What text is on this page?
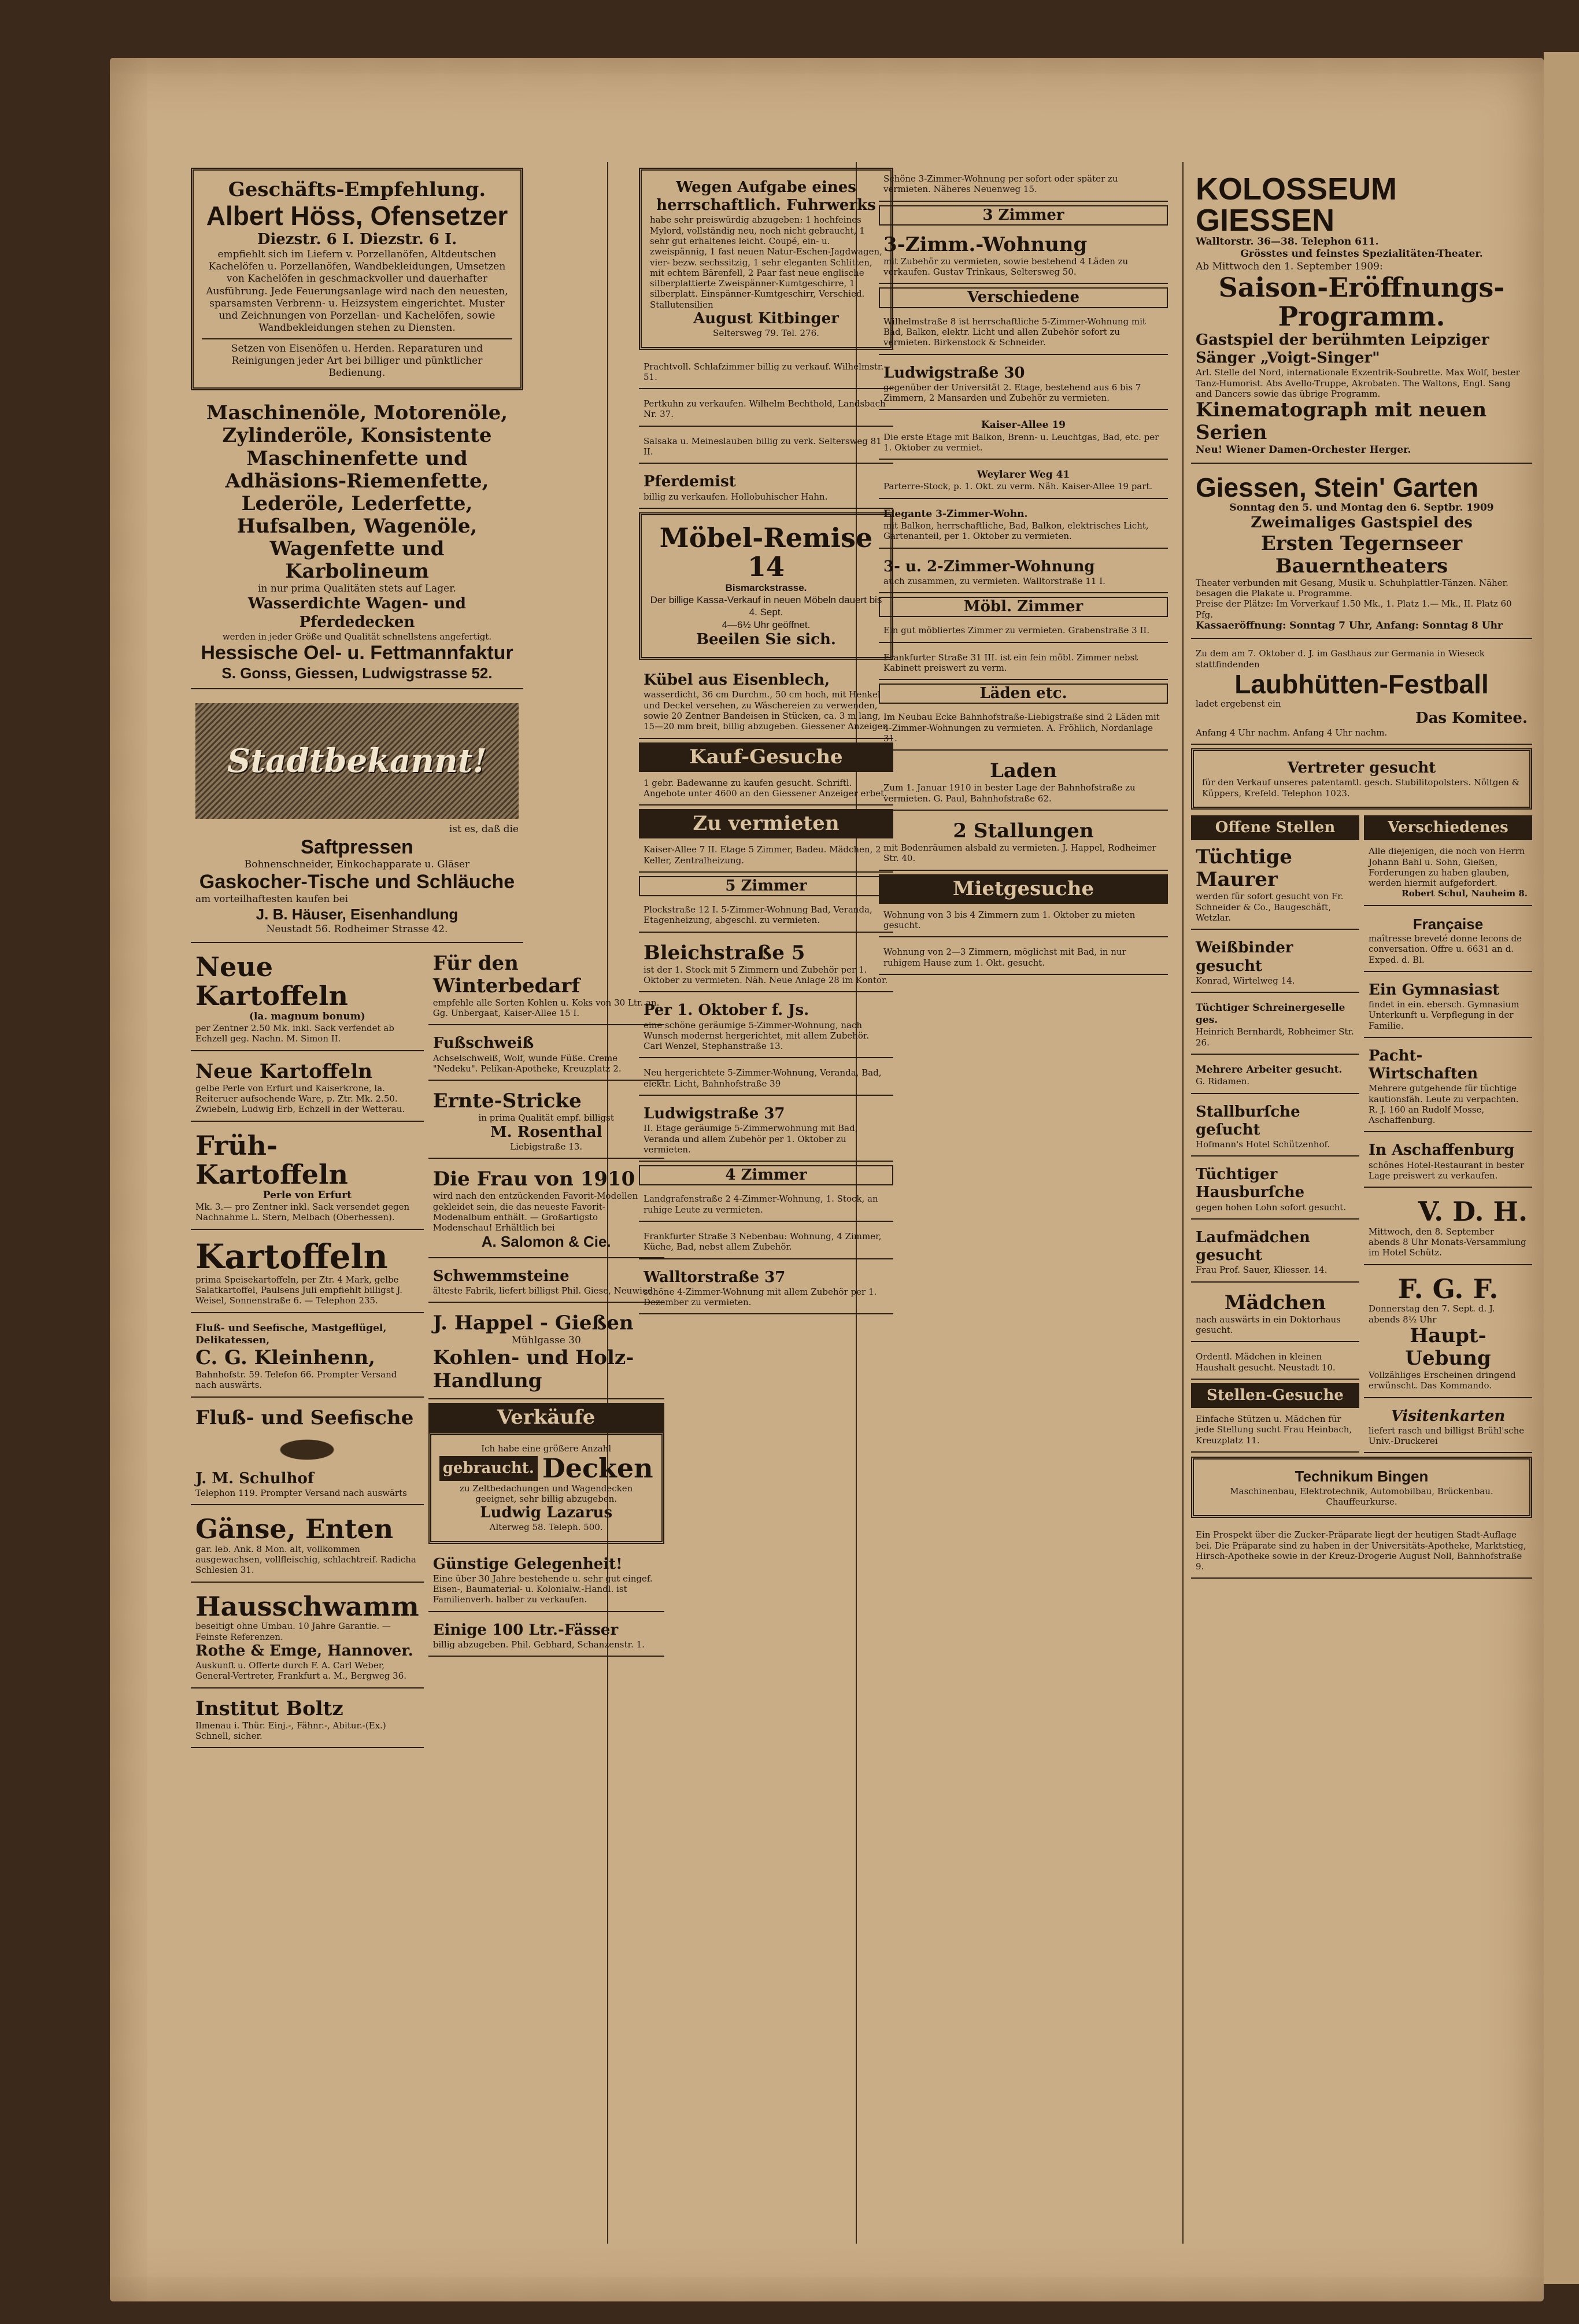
Geschäfts-Empfehlung.
Albert Höss, Ofensetzer
Diezstr. 6 I. Diezstr. 6 I.
empfiehlt sich im Liefern v. Porzellanöfen, Altdeutschen Kachelöfen u. Porzellanöfen, Wandbekleidungen, Umsetzen von Kachelöfen in geschmackvoller und dauerhafter Ausführung. Jede Feuerungsanlage wird nach den neuesten, sparsamsten Verbrenn- u. Heizsystem eingerichtet. Muster und Zeichnungen von Porzellan- und Kachelöfen, sowie Wandbekleidungen stehen zu Diensten.
Setzen von Eisenöfen u. Herden. Reparaturen und Reinigungen jeder Art bei billiger und pünktlicher Bedienung.
Maschinenöle, Motorenöle, Zylinderöle, Konsistente Maschinenfette und Adhäsions-Riemenfette, Lederöle, Lederfette, Hufsalben, Wagenöle, Wagenfette und Karbolineum
in nur prima Qualitäten stets auf Lager.
Wasserdichte Wagen- und Pferdedecken
werden in jeder Größe und Qualität schnellstens angefertigt.
Hessische Oel- u. Fettmannfaktur
S. Gonss, Giessen, Ludwigstrasse 52.
Stadtbekannt!
ist es, daß die
Saftpressen
Bohnenschneider, Einkochapparate u. Gläser
Gaskocher-Tische und Schläuche
am vorteilhaftesten kaufen bei
J. B. Häuser, Eisenhandlung
Neustadt 56. Rodheimer Strasse 42.
Neue Kartoffeln
(la. magnum bonum)
per Zentner 2.50 Mk. inkl. Sack verfendet ab Echzell geg. Nachn. M. Simon II.
Neue Kartoffeln
gelbe Perle von Erfurt und Kaiserkrone, la. Reiteruer aufsochende Ware, p. Ztr. Mk. 2.50. Zwiebeln, Ludwig Erb, Echzell in der Wetterau.
Früh-Kartoffeln
Perle von Erfurt
Mk. 3.— pro Zentner inkl. Sack versendet gegen Nachnahme L. Stern, Melbach (Oberhessen).
Kartoffeln
prima Speisekartoffeln, per Ztr. 4 Mark, gelbe Salatkartoffel, Paulsens Juli empfiehlt billigst J. Weisel, Sonnenstraße 6. — Telephon 235.
Fluß- und Seefische, Mastgeflügel, Delikatessen,
C. G. Kleinhenn,
Bahnhofstr. 59. Telefon 66. Prompter Versand nach auswärts.
Fluß- und Seefische
J. M. Schulhof
Telephon 119. Prompter Versand nach auswärts
Gänse, Enten
gar. leb. Ank. 8 Mon. alt, vollkommen ausgewachsen, vollfleischig, schlachtreif. Radicha Schlesien 31.
Hausschwamm
beseitigt ohne Umbau. 10 Jahre Garantie. — Feinste Referenzen.
Rothe & Emge, Hannover.
Auskunft u. Offerte durch F. A. Carl Weber, General-Vertreter, Frankfurt a. M., Bergweg 36.
Institut Boltz
Ilmenau i. Thür. Einj.-, Fähnr.-, Abitur.-(Ex.) Schnell, sicher.
Für den Winterbedarf
empfehle alle Sorten Kohlen u. Koks von 30 Ltr. an. Gg. Unbergaat, Kaiser-Allee 15 I.
Fußschweiß
Achselschweiß, Wolf, wunde Füße. Creme "Nedeku". Pelikan-Apotheke, Kreuzplatz 2.
Ernte-Stricke
in prima Qualität empf. billigst
M. Rosenthal
Liebigstraße 13.
Die Frau von 1910
wird nach den entzückenden Favorit-Modellen gekleidet sein, die das neueste Favorit-Modenalbum enthält. — Großartigsto Modenschau! Erhältlich bei
A. Salomon & Cie.
Schwemmsteine
älteste Fabrik, liefert billigst Phil. Giese, Neuwied.
J. Happel - Gießen
Mühlgasse 30
Kohlen- und Holz-Handlung
Verkäufe
Ich habe eine größere Anzahl
gebraucht. Decken
zu Zeltbedachungen und Wagendecken geeignet, sehr billig abzugeben.
Ludwig Lazarus
Alterweg 58. Teleph. 500.
Günstige Gelegenheit!
Eine über 30 Jahre bestehende u. sehr gut eingef. Eisen-, Baumaterial- u. Kolonialw.-Handl. ist Familienverh. halber zu verkaufen.
Einige 100 Ltr.-Fässer
billig abzugeben. Phil. Gebhard, Schanzenstr. 1.
Wegen Aufgabe eines herrschaftlich. Fuhrwerks
habe sehr preiswürdig abzugeben: 1 hochfeines Mylord, vollständig neu, noch nicht gebraucht, 1 sehr gut erhaltenes leicht. Coupé, ein- u. zweispännig, 1 fast neuen Natur-Eschen-Jagdwagen, vier- bezw. sechssitzig, 1 sehr eleganten Schlitten, mit echtem Bärenfell, 2 Paar fast neue englische silberplattierte Zweispänner-Kumtgeschirre, 1 silberplatt. Einspänner-Kumtgeschirr, Verschied. Stallutensilien
August Kitbinger
Seltersweg 79. Tel. 276.
Prachtvoll. Schlafzimmer billig zu verkauf. Wilhelmstr. 51.
Pertkuhn zu verkaufen. Wilhelm Bechthold, Landsbach Nr. 37.
Salsaka u. Meineslauben billig zu verk. Seltersweg 81 II.
Pferdemist
billig zu verkaufen. Hollobuhischer Hahn.
Möbel-Remise 14
Bismarckstrasse.
Der billige Kassa-Verkauf in neuen Möbeln dauert bis 4. Sept.
4—6½ Uhr geöffnet.
Beeilen Sie sich.
Kübel aus Eisenblech,
wasserdicht, 36 cm Durchm., 50 cm hoch, mit Henkel und Deckel versehen, zu Wäschereien zu verwenden, sowie 20 Zentner Bandeisen in Stücken, ca. 3 m lang, 15—20 mm breit, billig abzugeben. Giessener Anzeiger.
Kauf-Gesuche
1 gebr. Badewanne zu kaufen gesucht. Schriftl. Angebote unter 4600 an den Giessener Anzeiger erbet.
Zu vermieten
Kaiser-Allee 7 II. Etage 5 Zimmer, Badeu. Mädchen, 2 Keller, Zentralheizung.
5 Zimmer
Plockstraße 12 I. 5-Zimmer-Wohnung Bad, Veranda, Etagenheizung, abgeschl. zu vermieten.
Bleichstraße 5
ist der 1. Stock mit 5 Zimmern und Zubehör per 1. Oktober zu vermieten. Näh. Neue Anlage 28 im Kontor.
Per 1. Oktober f. Js.
eine schöne geräumige 5-Zimmer-Wohnung, nach Wunsch modernst hergerichtet, mit allem Zubehör. Carl Wenzel, Stephanstraße 13.
Neu hergerichtete 5-Zimmer-Wohnung, Veranda, Bad, elektr. Licht, Bahnhofstraße 39
Ludwigstraße 37
II. Etage geräumige 5-Zimmerwohnung mit Bad, Veranda und allem Zubehör per 1. Oktober zu vermieten.
4 Zimmer
Landgrafenstraße 2 4-Zimmer-Wohnung, 1. Stock, an ruhige Leute zu vermieten.
Frankfurter Straße 3 Nebenbau: Wohnung, 4 Zimmer, Küche, Bad, nebst allem Zubehör.
Walltorstraße 37
schöne 4-Zimmer-Wohnung mit allem Zubehör per 1. Dezember zu vermieten.
Schöne 3-Zimmer-Wohnung per sofort oder später zu vermieten. Näheres Neuenweg 15.
3 Zimmer
3-Zimm.-Wohnung
mit Zubehör zu vermieten, sowie bestehend 4 Läden zu verkaufen. Gustav Trinkaus, Seltersweg 50.
Verschiedene
Wilhelmstraße 8 ist herrschaftliche 5-Zimmer-Wohnung mit Bad, Balkon, elektr. Licht und allen Zubehör sofort zu vermieten. Birkenstock & Schneider.
Ludwigstraße 30
gegenüber der Universität 2. Etage, bestehend aus 6 bis 7 Zimmern, 2 Mansarden und Zubehör zu vermieten.
Kaiser-Allee 19
Die erste Etage mit Balkon, Brenn- u. Leuchtgas, Bad, etc. per 1. Oktober zu vermiet.
Weylarer Weg 41
Parterre-Stock, p. 1. Okt. zu verm. Näh. Kaiser-Allee 19 part.
Elegante 3-Zimmer-Wohn.
mit Balkon, herrschaftliche, Bad, Balkon, elektrisches Licht, Gartenanteil, per 1. Oktober zu vermieten.
3- u. 2-Zimmer-Wohnung
auch zusammen, zu vermieten. Walltorstraße 11 I.
Möbl. Zimmer
Ein gut möbliertes Zimmer zu vermieten. Grabenstraße 3 II.
Frankfurter Straße 31 III. ist ein fein möbl. Zimmer nebst Kabinett preiswert zu verm.
Läden etc.
Im Neubau Ecke Bahnhofstraße-Liebigstraße sind 2 Läden mit 4-Zimmer-Wohnungen zu vermieten. A. Fröhlich, Nordanlage 31.
Laden
Zum 1. Januar 1910 in bester Lage der Bahnhofstraße zu vermieten. G. Paul, Bahnhofstraße 62.
2 Stallungen
mit Bodenräumen alsbald zu vermieten. J. Happel, Rodheimer Str. 40.
Mietgesuche
Wohnung von 3 bis 4 Zimmern zum 1. Oktober zu mieten gesucht.
Wohnung von 2—3 Zimmern, möglichst mit Bad, in nur ruhigem Hause zum 1. Okt. gesucht.
KOLOSSEUM GIESSEN
Walltorstr. 36—38. Telephon 611.
Grösstes und feinstes Spezialitäten-Theater.
Ab Mittwoch den 1. September 1909:
Saison-Eröffnungs-Programm.
Gastspiel der berühmten Leipziger Sänger „Voigt-Singer"
Arl. Stelle del Nord, internationale Exzentrik-Soubrette. Max Wolf, bester Tanz-Humorist. Abs Avello-Truppe, Akrobaten. The Waltons, Engl. Sang and Dancers sowie das übrige Programm.
Kinematograph mit neuen Serien
Neu! Wiener Damen-Orchester Herger.
Giessen, Stein' Garten
Sonntag den 5. und Montag den 6. Septbr. 1909
Zweimaliges Gastspiel des
Ersten Tegernseer Bauerntheaters
Theater verbunden mit Gesang, Musik u. Schuhplattler-Tänzen. Näher. besagen die Plakate u. Programme.
Preise der Plätze: Im Vorverkauf 1.50 Mk., 1. Platz 1.— Mk., II. Platz 60 Pfg.
Kassaeröffnung: Sonntag 7 Uhr, Anfang: Sonntag 8 Uhr
Zu dem am 7. Oktober d. J. im Gasthaus zur Germania in Wieseck stattfindenden
Laubhütten-Festball
ladet ergebenst ein
Das Komitee.
Anfang 4 Uhr nachm. Anfang 4 Uhr nachm.
Vertreter gesucht
für den Verkauf unseres patentamtl. gesch. Stubilitopolsters. Nöltgen & Küppers, Krefeld. Telephon 1023.
Offene Stellen
Tüchtige Maurer
werden für sofort gesucht von Fr. Schneider & Co., Baugeschäft, Wetzlar.
Weißbinder gesucht
Konrad, Wirtelweg 14.
Tüchtiger Schreinergeselle ges.
Heinrich Bernhardt, Robheimer Str. 26.
Mehrere Arbeiter gesucht.
G. Ridamen.
Stallburſche geſucht
Hofmann's Hotel Schützenhof.
Tüchtiger Hausburſche
gegen hohen Lohn sofort gesucht.
Laufmädchen gesucht
Frau Prof. Sauer, Kliesser. 14.
Mädchen
nach auswärts in ein Doktorhaus gesucht.
Ordentl. Mädchen in kleinen Haushalt gesucht. Neustadt 10.
Stellen-Gesuche
Einfache Stützen u. Mädchen für jede Stellung sucht Frau Heinbach, Kreuzplatz 11.
Verschiedenes
Alle diejenigen, die noch von Herrn Johann Bahl u. Sohn, Gießen, Forderungen zu haben glauben, werden hiermit aufgefordert.
Robert Schul, Nauheim 8.
Française
maîtresse breveté donne lecons de conversation. Offre u. 6631 an d. Exped. d. Bl.
Ein Gymnasiast
findet in ein. ebersch. Gymnasium Unterkunft u. Verpflegung in der Familie.
Pacht-Wirtschaften
Mehrere gutgehende für tüchtige kautionsfäh. Leute zu verpachten. R. J. 160 an Rudolf Mosse, Aschaffenburg.
In Aschaffenburg
schönes Hotel-Restaurant in bester Lage preiswert zu verkaufen.
V. D. H.
Mittwoch, den 8. September abends 8 Uhr Monats-Versammlung im Hotel Schütz.
F. G. F.
Donnerstag den 7. Sept. d. J. abends 8½ Uhr
Haupt-Uebung
Vollzähliges Erscheinen dringend erwünscht. Das Kommando.
Visitenkarten
liefert rasch und billigst Brühl'sche Univ.-Druckerei
Technikum Bingen
Maschinenbau, Elektrotechnik, Automobilbau, Brückenbau. Chauffeurkurse.
Ein Prospekt über die Zucker-Präparate liegt der heutigen Stadt-Auflage bei. Die Präparate sind zu haben in der Universitäts-Apotheke, Marktstieg, Hirsch-Apotheke sowie in der Kreuz-Drogerie August Noll, Bahnhofstraße 9.
